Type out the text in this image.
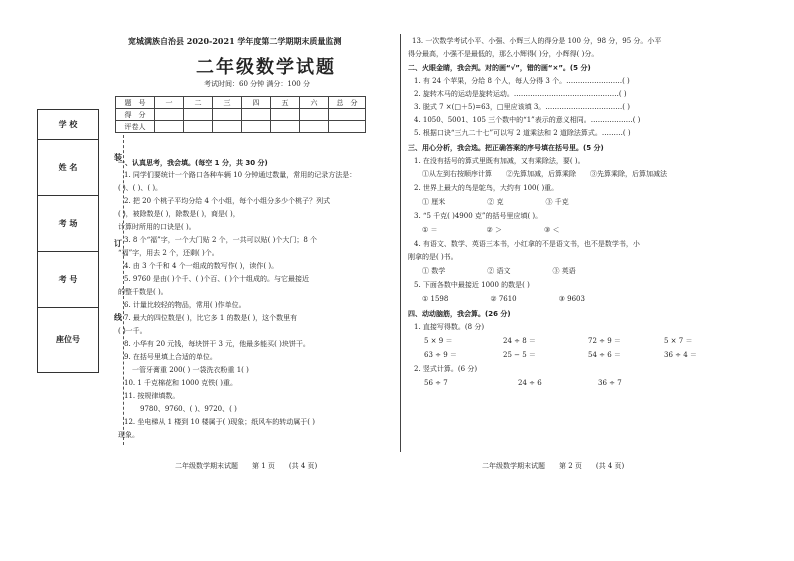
学 校
姓 名
考 场
考 号
座位号
装
订
线
宽城满族自治县 2020-2021 学年度第二学期期末质量监测
二年级数学试题
考试时间：60 分钟 满分：100 分
题　号	一	二	三	四	五	六	总　分
得　分							
评卷人							
一、认真思考，我会填。(每空 1 分，共 30 分)
1. 同学们要统计一个路口各种车辆 10 分钟通过数量，常用的记录方法是：
( )、( )、( )。
2. 把 20 个桃子平均分给 4 个小组，每个小组分多少个桃子？列式
( )，被除数是( )，除数是( )，商是( )，
计算时所用的口诀是( )。
3. 8 个“福”字，一个大门贴 2 个，一共可以贴( )个大门；8 个
“福”字，用去 2 个，还剩( )个。
4. 由 3 个千和 4 个一组成的数写作( )，读作( )。
5. 9760 是由( )个千、( )个百、( )个十组成的。与它最接近
的整千数是( )。
6. 计量比较轻的物品，常用( )作单位。
7. 最大的四位数是( )，比它多 1 的数是( )，这个数里有
( )一千。
8. 小华有 20 元钱，每块饼干 3 元，他最多能买( )块饼干。
9. 在括号里填上合适的单位。
一管牙膏重 200( ) 一袋洗衣粉重 1( )
10. 1 千克棉花和 1000 克铁( )重。
11. 按规律填数。
9780、9760、( )、9720、( )
12. 坐电梯从 1 楼到 10 楼属于( )现象；纸风车的转动属于( )
现象。
二年级数学期末试题　　第 1 页　　(共 4 页)
13. 一次数学考试小平、小强、小辉三人的得分是 100 分，98 分，95 分。小平
得分最高，小强不是最低的，那么小辉得( )分，小辉得( )分。
二、火眼金睛，我会判。对的画“√”，错的画“×”。(5 分)
1. 有 24 个苹果，分给 8 个人，每人分得 3 个。……………………( )
2. 旋转木马的运动是旋转运动。………………………………………( )
3. 脱式 7 ×(□＋5)=63，□里应该填 3。……………………………( )
4. 1050、5001、105 三个数中的“1”表示的意义相同。………………( )
5. 根据口诀“三九二十七”可以写 2 道乘法和 2 道除法算式。………( )
三、用心分析，我会选。把正确答案的序号填在括号里。(5 分)
1. 在没有括号的算式里既有加减，又有乘除法，要( )。
①从左到右按顺序计算　　②先算加减，后算乘除　　③先算乘除，后算加减法
2. 世界上最大的鸟是鸵鸟，大约有 100( )重。
① 厘米　　　　　　② 克　　　　　　③ 千克
3. “5 千克( )4900 克”的括号里应填( )。
① ＝　　　　　　　② ＞　　　　　　③ ＜
4. 有语文、数学、英语三本书，小红拿的不是语文书，也不是数学书，小
刚拿的是( )书。
① 数学　　　　　　② 语文　　　　　　③ 英语
5. 下面各数中最接近 1000 的数是( )
① 1598　　　　　　② 7610　　　　　　③ 9603
四、动动脑筋，我会算。(26 分)
1. 直接写得数。(8 分)
5 × 9 ＝	24 ÷ 8 ＝	72 ÷ 9 ＝	5 × 7 ＝
63 ÷ 9 ＝	25 − 5 ＝	54 ÷ 6 ＝	36 ÷ 4 ＝
2. 竖式计算。(6 分)
56 ÷ 7	24 ÷ 6	36 ÷ 7
二年级数学期末试题　　第 2 页　　(共 4 页)
